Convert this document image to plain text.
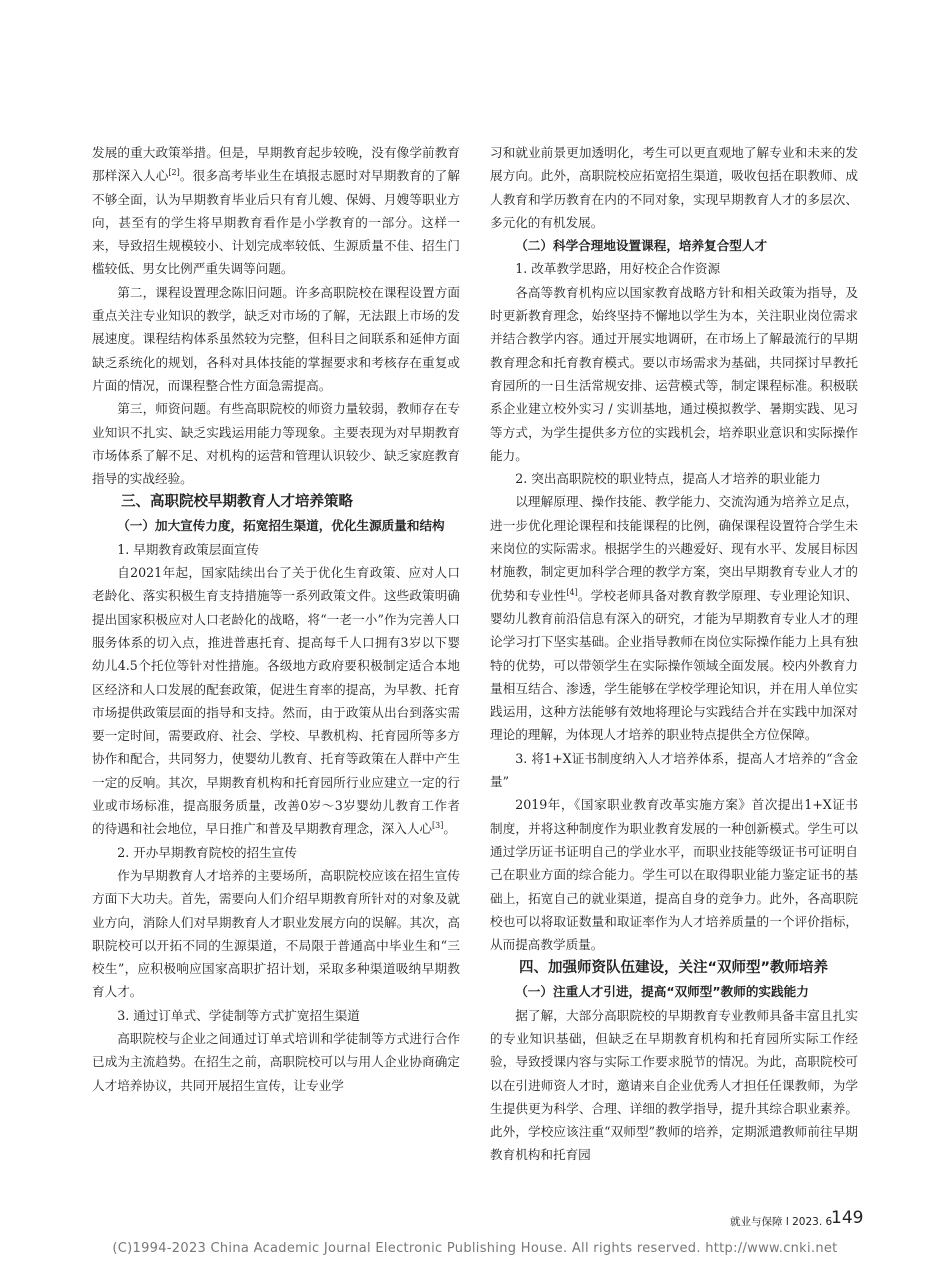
发展的重大政策举措。但是，早期教育起步较晚，没有像学前教育那样深入人心[2]。很多高考毕业生在填报志愿时对早期教育的了解不够全面，认为早期教育毕业后只有育儿嫂、保姆、月嫂等职业方向，甚至有的学生将早期教育看作是小学教育的一部分。这样一来，导致招生规模较小、计划完成率较低、生源质量不佳、招生门槛较低、男女比例严重失调等问题。

第二，课程设置理念陈旧问题。许多高职院校在课程设置方面重点关注专业知识的教学，缺乏对市场的了解，无法跟上市场的发展速度。课程结构体系虽然较为完整，但科目之间联系和延伸方面缺乏系统化的规划，各科对具体技能的掌握要求和考核存在重复或片面的情况，而课程整合性方面急需提高。

第三，师资问题。有些高职院校的师资力量较弱，教师存在专业知识不扎实、缺乏实践运用能力等现象。主要表现为对早期教育市场体系了解不足、对机构的运营和管理认识较少、缺乏家庭教育指导的实战经验。

三、高职院校早期教育人才培养策略
（一）加大宣传力度，拓宽招生渠道，优化生源质量和结构

1. 早期教育政策层面宣传

自2021年起，国家陆续出台了关于优化生育政策、应对人口老龄化、落实积极生育支持措施等一系列政策文件。这些政策明确提出国家积极应对人口老龄化的战略，将“一老一小”作为完善人口服务体系的切入点，推进普惠托育、提高每千人口拥有3岁以下婴幼儿4.5个托位等针对性措施。各级地方政府要积极制定适合本地区经济和人口发展的配套政策，促进生育率的提高，为早教、托育市场提供政策层面的指导和支持。然而，由于政策从出台到落实需要一定时间，需要政府、社会、学校、早教机构、托育园所等多方协作和配合，共同努力，使婴幼儿教育、托育等政策在人群中产生一定的反响。其次，早期教育机构和托育园所行业应建立一定的行业或市场标准，提高服务质量，改善0岁～3岁婴幼儿教育工作者的待遇和社会地位，早日推广和普及早期教育理念，深入人心[3]。

2. 开办早期教育院校的招生宣传

作为早期教育人才培养的主要场所，高职院校应该在招生宣传方面下大功夫。首先，需要向人们介绍早期教育所针对的对象及就业方向，消除人们对早期教育人才职业发展方向的误解。其次，高职院校可以开拓不同的生源渠道，不局限于普通高中毕业生和“三校生”，应积极响应国家高职扩招计划，采取多种渠道吸纳早期教育人才。

3. 通过订单式、学徒制等方式扩宽招生渠道

高职院校与企业之间通过订单式培训和学徒制等方式进行合作已成为主流趋势。在招生之前，高职院校可以与用人企业协商确定人才培养协议，共同开展招生宣传，让专业学

习和就业前景更加透明化，考生可以更直观地了解专业和未来的发展方向。此外，高职院校应拓宽招生渠道，吸收包括在职教师、成人教育和学历教育在内的不同对象，实现早期教育人才的多层次、多元化的有机发展。

（二）科学合理地设置课程，培养复合型人才

1. 改革教学思路，用好校企合作资源

各高等教育机构应以国家教育战略方针和相关政策为指导，及时更新教育理念，始终坚持不懈地以学生为本，关注职业岗位需求并结合教学内容。通过开展实地调研，在市场上了解最流行的早期教育理念和托育教育模式。要以市场需求为基础，共同探讨早教托育园所的一日生活常规安排、运营模式等，制定课程标准。积极联系企业建立校外实习 / 实训基地，通过模拟教学、暑期实践、见习等方式，为学生提供多方位的实践机会，培养职业意识和实际操作能力。

2. 突出高职院校的职业特点，提高人才培养的职业能力

以理解原理、操作技能、教学能力、交流沟通为培养立足点，进一步优化理论课程和技能课程的比例，确保课程设置符合学生未来岗位的实际需求。根据学生的兴趣爱好、现有水平、发展目标因材施教，制定更加科学合理的教学方案，突出早期教育专业人才的优势和专业性[4]。学校老师具备对教育教学原理、专业理论知识、婴幼儿教育前沿信息有深入的研究，才能为早期教育专业人才的理论学习打下坚实基础。企业指导教师在岗位实际操作能力上具有独特的优势，可以带领学生在实际操作领域全面发展。校内外教育力量相互结合、渗透，学生能够在学校学理论知识，并在用人单位实践运用，这种方法能够有效地将理论与实践结合并在实践中加深对理论的理解，为体现人才培养的职业特点提供全方位保障。

3. 将1+X证书制度纳入人才培养体系，提高人才培养的“含金量”

2019年，《国家职业教育改革实施方案》首次提出1+X证书制度，并将这种制度作为职业教育发展的一种创新模式。学生可以通过学历证书证明自己的学业水平，而职业技能等级证书可证明自己在职业方面的综合能力。学生可以在取得职业能力鉴定证书的基础上，拓宽自己的就业渠道，提高自身的竞争力。此外，各高职院校也可以将取证数量和取证率作为人才培养质量的一个评价指标，从而提高教学质量。

四、加强师资队伍建设，关注“双师型”教师培养
（一）注重人才引进，提高“双师型”教师的实践能力

据了解，大部分高职院校的早期教育专业教师具备丰富且扎实的专业知识基础，但缺乏在早期教育机构和托育园所实际工作经验，导致授课内容与实际工作要求脱节的情况。为此，高职院校可以在引进师资人才时，邀请来自企业优秀人才担任任课教师，为学生提供更为科学、合理、详细的教学指导，提升其综合职业素养。此外，学校应该注重“双师型”教师的培养，定期派遣教师前往早期教育机构和托育园

就业与保障 l 2023. 6
149
(C)1994-2023 China Academic Journal Electronic Publishing House. All rights reserved. http://www.cnki.net
